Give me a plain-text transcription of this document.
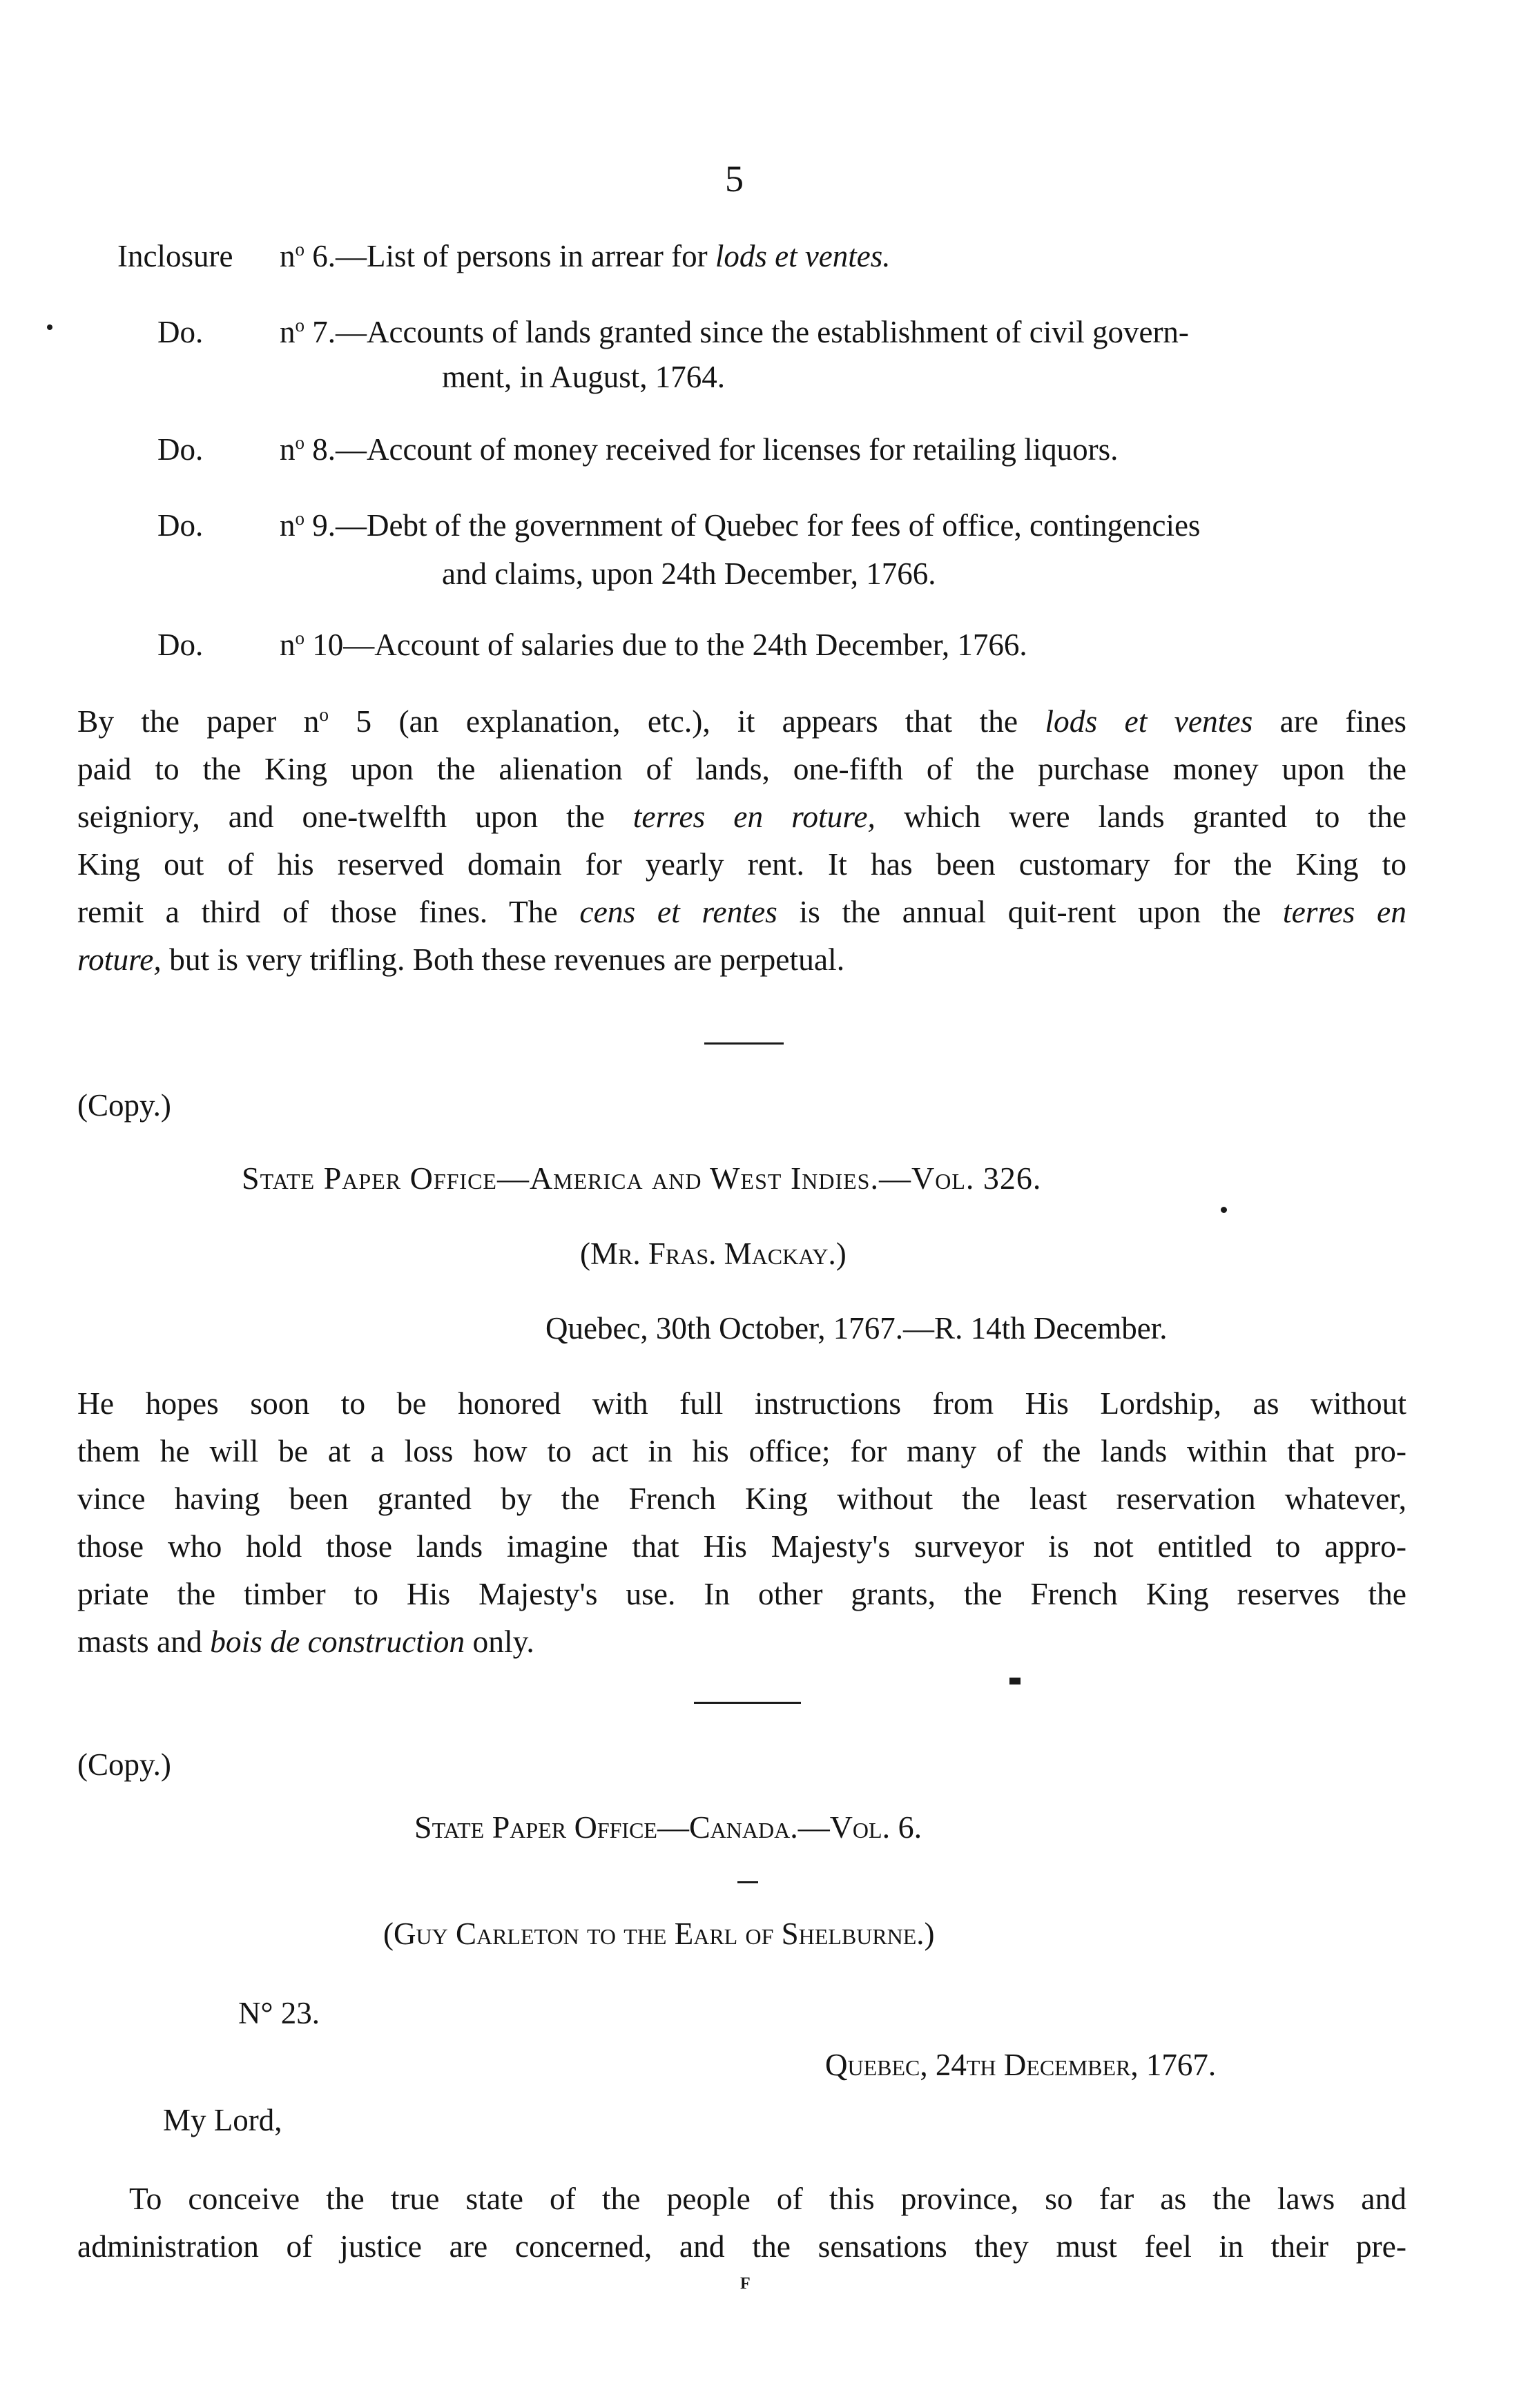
5
Inclosure $n^o$ 6.—List of persons in arrear for lods et ventes.
Do. $n^o$ 7.—Accounts of lands granted since the establishment of civil govern-
ment, in August, 1764.
Do. $n^o$ 8.—Account of money received for licenses for retailing liquors.
Do. $n^o$ 9.—Debt of the government of Quebec for fees of office, contingencies
and claims, upon 24th December, 1766.
Do. $n^o$ 10—Account of salaries due to the 24th December, 1766.
By the paper $n^o$ 5 (an explanation, etc.), it appears that the lods et ventes are fines
paid to the King upon the alienation of lands, one-fifth of the purchase money upon the
seigniory, and one-twelfth upon the terres en roture, which were lands granted to the
King out of his reserved domain for yearly rent. It has been customary for the King to
remit a third of those fines. The cens et rentes is the annual quit-rent upon the terres en
roture, but is very trifling. Both these revenues are perpetual.
(Copy.)
State Paper Office—America and West Indies.—Vol. 326.
(Mr. Fras. Mackay.)
Quebec, 30th October, 1767.—R. 14th December.
He hopes soon to be honored with full instructions from His Lordship, as without
them he will be at a loss how to act in his office; for many of the lands within that pro-
vince having been granted by the French King without the least reservation whatever,
those who hold those lands imagine that His Majesty's surveyor is not entitled to appro-
priate the timber to His Majesty's use. In other grants, the French King reserves the
masts and bois de construction only.
(Copy.)
State Paper Office—Canada.—Vol. 6.
(Guy Carleton to the Earl of Shelburne.)
N° 23.
Quebec, 24th December, 1767.
My Lord,
To conceive the true state of the people of this province, so far as the laws and
administration of justice are concerned, and the sensations they must feel in their pre-
F
